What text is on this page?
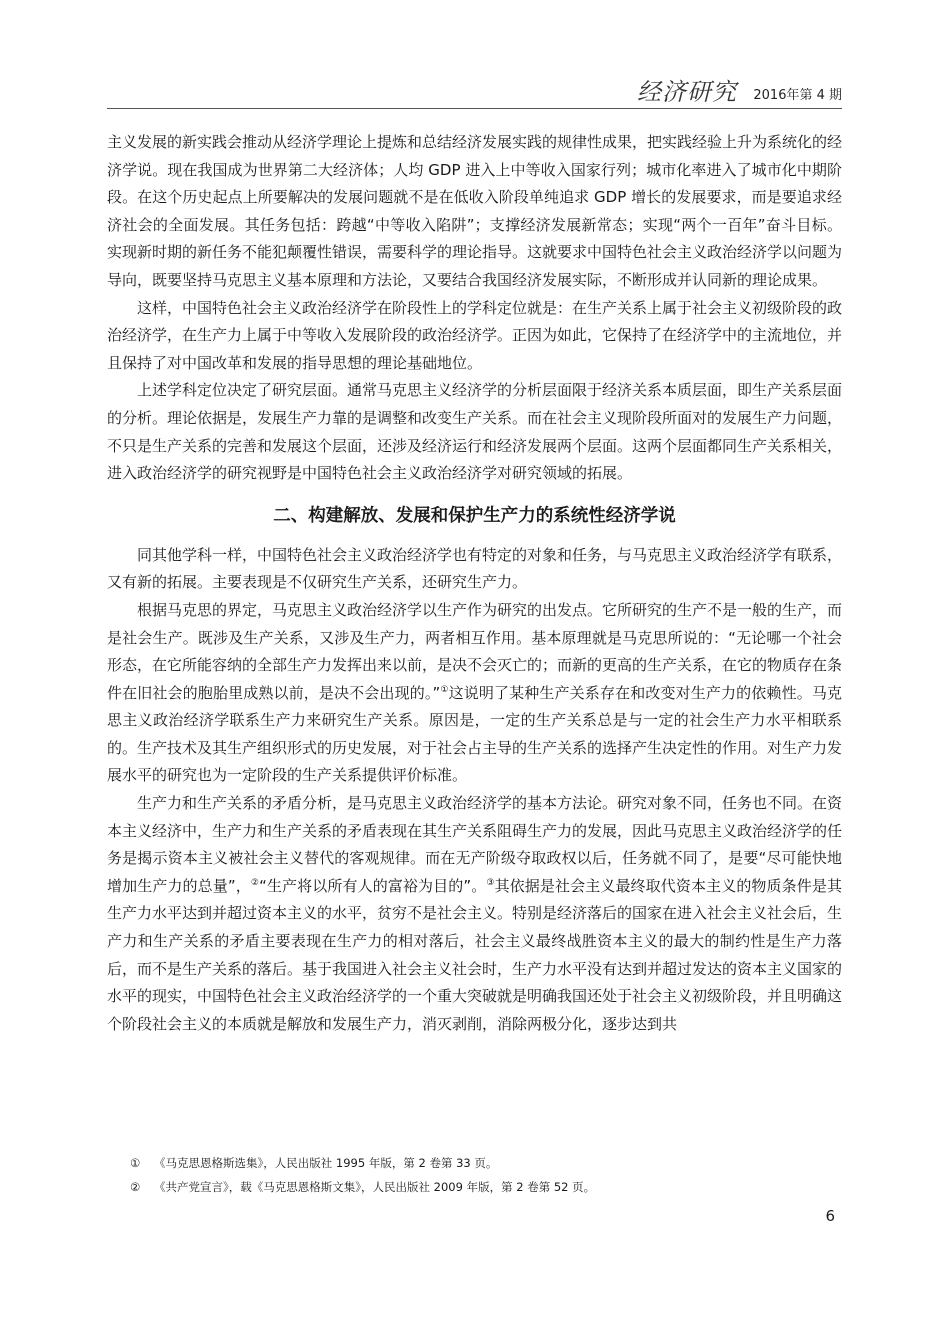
经济研究 2016年第 4 期

主义发展的新实践会推动从经济学理论上提炼和总结经济发展实践的规律性成果，把实践经验上升为系统化的经济学说。现在我国成为世界第二大经济体；人均 GDP 进入上中等收入国家行列；城市化率进入了城市化中期阶段。在这个历史起点上所要解决的发展问题就不是在低收入阶段单纯追求 GDP 增长的发展要求，而是要追求经济社会的全面发展。其任务包括：跨越“中等收入陷阱”；支撑经济发展新常态；实现“两个一百年”奋斗目标。实现新时期的新任务不能犯颠覆性错误，需要科学的理论指导。这就要求中国特色社会主义政治经济学以问题为导向，既要坚持马克思主义基本原理和方法论，又要结合我国经济发展实际，不断形成并认同新的理论成果。

这样，中国特色社会主义政治经济学在阶段性上的学科定位就是：在生产关系上属于社会主义初级阶段的政治经济学，在生产力上属于中等收入发展阶段的政治经济学。正因为如此，它保持了在经济学中的主流地位，并且保持了对中国改革和发展的指导思想的理论基础地位。

上述学科定位决定了研究层面。通常马克思主义经济学的分析层面限于经济关系本质层面，即生产关系层面的分析。理论依据是，发展生产力靠的是调整和改变生产关系。而在社会主义现阶段所面对的发展生产力问题，不只是生产关系的完善和发展这个层面，还涉及经济运行和经济发展两个层面。这两个层面都同生产关系相关，进入政治经济学的研究视野是中国特色社会主义政治经济学对研究领域的拓展。

二、构建解放、发展和保护生产力的系统性经济学说

同其他学科一样，中国特色社会主义政治经济学也有特定的对象和任务，与马克思主义政治经济学有联系，又有新的拓展。主要表现是不仅研究生产关系，还研究生产力。

根据马克思的界定，马克思主义政治经济学以生产作为研究的出发点。它所研究的生产不是一般的生产，而是社会生产。既涉及生产关系，又涉及生产力，两者相互作用。基本原理就是马克思所说的：“无论哪一个社会形态，在它所能容纳的全部生产力发挥出来以前，是决不会灭亡的；而新的更高的生产关系，在它的物质存在条件在旧社会的胞胎里成熟以前，是决不会出现的。”①这说明了某种生产关系存在和改变对生产力的依赖性。马克思主义政治经济学联系生产力来研究生产关系。原因是，一定的生产关系总是与一定的社会生产力水平相联系的。生产技术及其生产组织形式的历史发展，对于社会占主导的生产关系的选择产生决定性的作用。对生产力发展水平的研究也为一定阶段的生产关系提供评价标准。

生产力和生产关系的矛盾分析，是马克思主义政治经济学的基本方法论。研究对象不同，任务也不同。在资本主义经济中，生产力和生产关系的矛盾表现在其生产关系阻碍生产力的发展，因此马克思主义政治经济学的任务是揭示资本主义被社会主义替代的客观规律。而在无产阶级夺取政权以后，任务就不同了，是要“尽可能快地增加生产力的总量”，②“生产将以所有人的富裕为目的”。③其依据是社会主义最终取代资本主义的物质条件是其生产力水平达到并超过资本主义的水平，贫穷不是社会主义。特别是经济落后的国家在进入社会主义社会后，生产力和生产关系的矛盾主要表现在生产力的相对落后，社会主义最终战胜资本主义的最大的制约性是生产力落后，而不是生产关系的落后。基于我国进入社会主义社会时，生产力水平没有达到并超过发达的资本主义国家的水平的现实，中国特色社会主义政治经济学的一个重大突破就是明确我国还处于社会主义初级阶段，并且明确这个阶段社会主义的本质就是解放和发展生产力，消灭剥削，消除两极分化，逐步达到共

① 《马克思恩格斯选集》，人民出版社 1995 年版，第 2 卷第 33 页。

② 《共产党宣言》，载《马克思恩格斯文集》，人民出版社 2009 年版，第 2 卷第 52 页。

6
